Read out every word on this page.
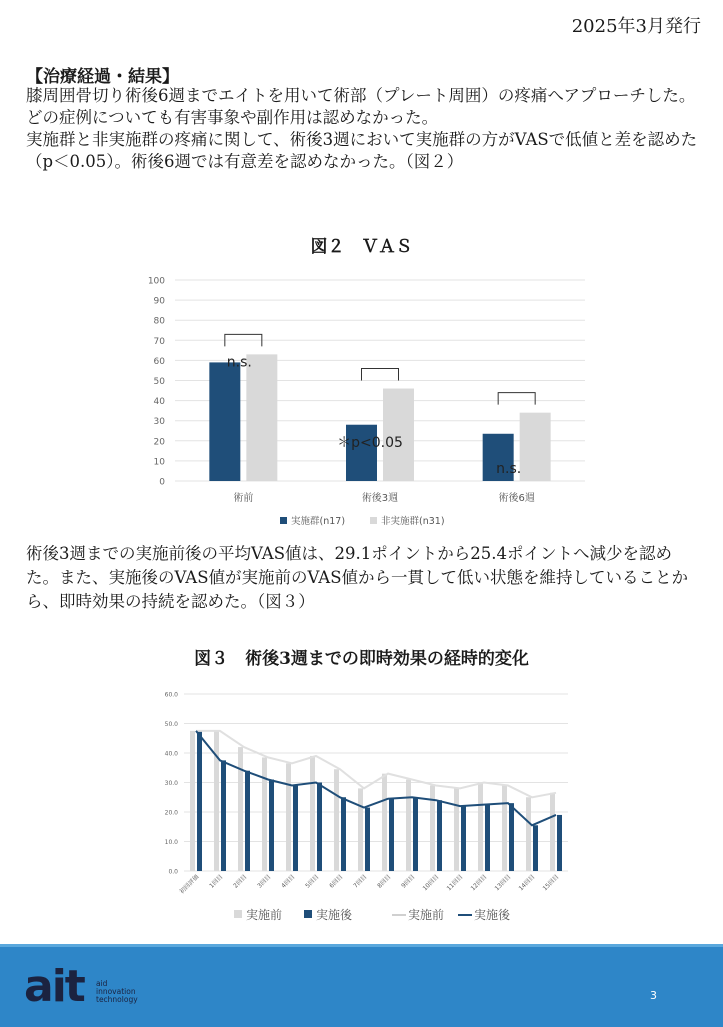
2025年3月発行
【治療経過・結果】

膝周囲骨切り術後6週までエイトを用いて術部（プレート周囲）の疼痛へアプローチした。

どの症例についても有害事象や副作用は認めなかった。

実施群と非実施群の疼痛に関して、術後3週において実施群の方がVASで低値と差を認めた（p＜0.05）。術後6週では有意差を認めなかった。（図２）

図２　ＶＡＳ
0
10
20
30
40
50
60
70
80
90
100
術前	術後3週	術後6週
n.s.
＊p<0.05
n.s.
実施群(n17)	非実施群(n31)

術後3週までの実施前後の平均VAS値は、29.1ポイントから25.4ポイントへ減少を認めた。また、実施後のVAS値が実施前のVAS値から一貫して低い状態を維持していることから、即時効果の持続を認めた。（図３）

図３　術後3週までの即時効果の経時的変化
0.0
10.0
20.0
30.0
40.0
50.0
60.0
初回評価 1回目 2回目 3回目 4回目 5回目 6回目 7回目 8回目 9回目 10回目 11回目 12回目 13回目 14回目 15回目
実施前	実施後	実施前 実施後
ait aid
innovation
technology	3
